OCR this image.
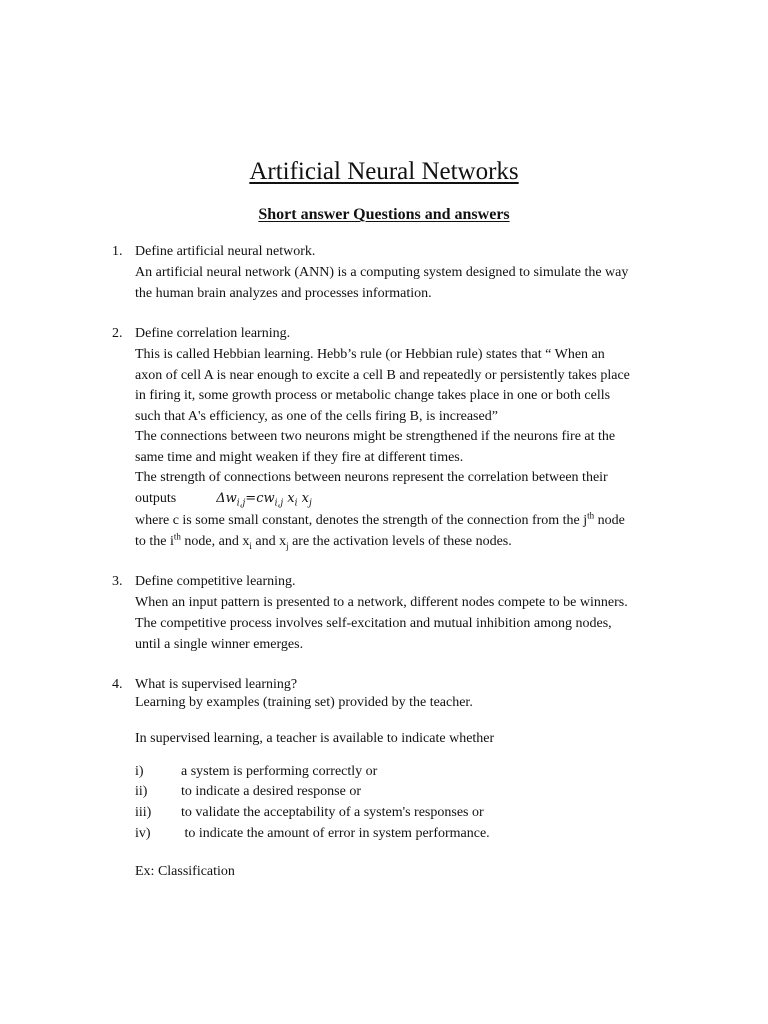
Artificial Neural Networks
Short answer Questions and answers
1. Define artificial neural network.
An artificial neural network (ANN) is a computing system designed to simulate the way
the human brain analyzes and processes information.
2. Define correlation learning.
This is called Hebbian learning. Hebb’s rule (or Hebbian rule) states that “ When an
axon of cell A is near enough to excite a cell B and repeatedly or persistently takes place
in firing it, some growth process or metabolic change takes place in one or both cells
such that A's efficiency, as one of the cells firing B, is increased”
The connections between two neurons might be strengthened if the neurons fire at the
same time and might weaken if they fire at different times.
The strength of connections between neurons represent the correlation between their
outputs	$\Delta w_{i,j}=cw_{i,j}$ $x_i$ $x_j$
where c is some small constant, denotes the strength of the connection from the $j^{th}$ node
to the $i^{th}$ node, and $x_i$ and $x_j$ are the activation levels of these nodes.
3. Define competitive learning.
When an input pattern is presented to a network, different nodes compete to be winners.
The competitive process involves self-excitation and mutual inhibition among nodes,
until a single winner emerges.
4. What is supervised learning?
Learning by examples (training set) provided by the teacher.
In supervised learning, a teacher is available to indicate whether
i)	a system is performing correctly or
ii) to indicate a desired response or
iii) to validate the acceptability of a system's responses or
iv) to indicate the amount of error in system performance.
Ex: Classification
